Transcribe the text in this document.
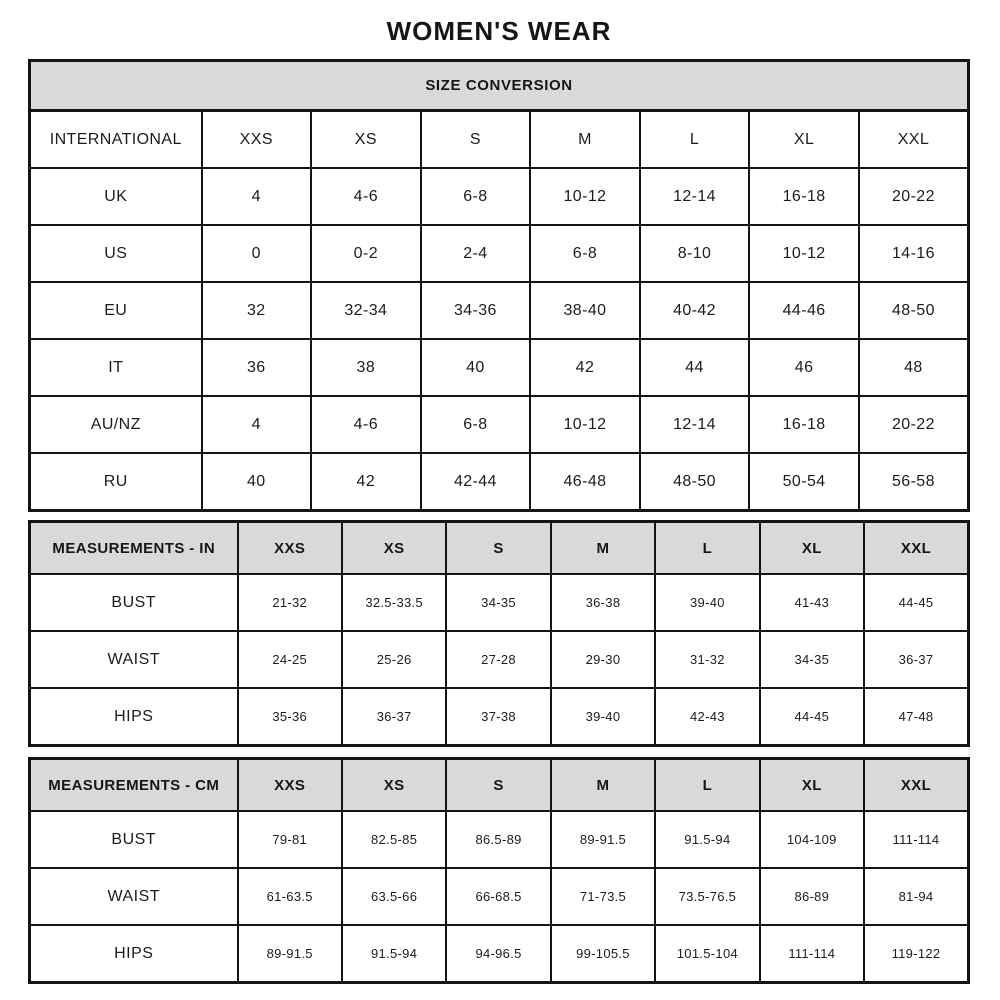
WOMEN'S WEAR
SIZE CONVERSION
INTERNATIONAL	XXS	XS	S	M	L	XL	XXL
UK	4	4-6	6-8	10-12	12-14	16-18	20-22
US	0	0-2	2-4	6-8	8-10	10-12	14-16
EU	32	32-34	34-36	38-40	40-42	44-46	48-50
IT	36	38	40	42	44	46	48
AU/NZ	4	4-6	6-8	10-12	12-14	16-18	20-22
RU	40	42	42-44	46-48	48-50	50-54	56-58
MEASUREMENTS - IN	XXS	XS	S	M	L	XL	XXL
BUST	21-32	32.5-33.5	34-35	36-38	39-40	41-43	44-45
WAIST	24-25	25-26	27-28	29-30	31-32	34-35	36-37
HIPS	35-36	36-37	37-38	39-40	42-43	44-45	47-48
MEASUREMENTS - CM	XXS	XS	S	M	L	XL	XXL
BUST	79-81	82.5-85	86.5-89	89-91.5	91.5-94	104-109	111-114
WAIST	61-63.5	63.5-66	66-68.5	71-73.5	73.5-76.5	86-89	81-94
HIPS	89-91.5	91.5-94	94-96.5	99-105.5	101.5-104	111-114	119-122
